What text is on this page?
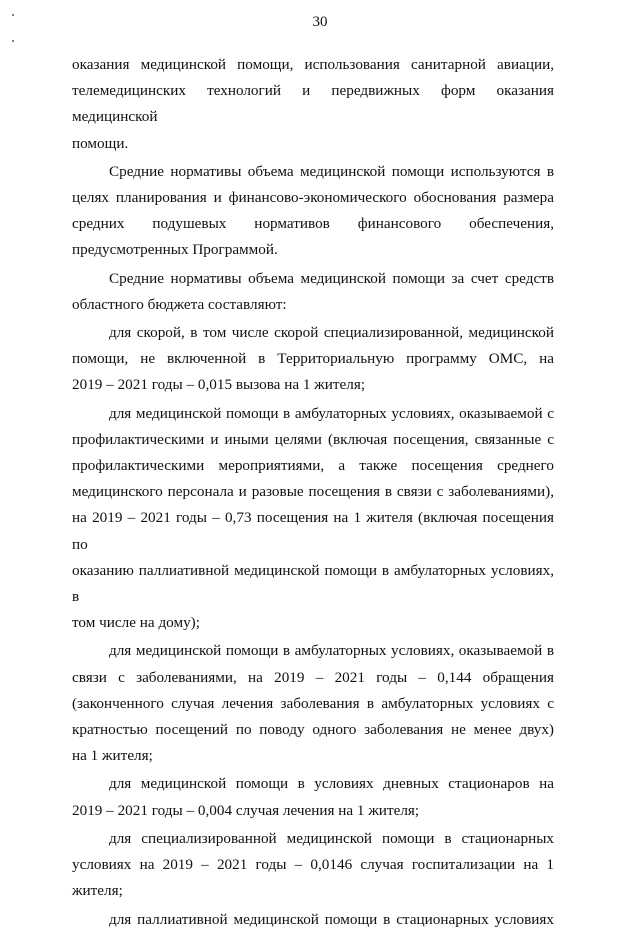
30

оказания медицинской помощи, использования санитарной авиации,
телемедицинских технологий и передвижных форм оказания медицинской
помощи.

Средние нормативы объема медицинской помощи используются в
целях планирования и финансово-экономического обоснования размера
средних подушевых нормативов финансового обеспечения,
предусмотренных Программой.

Средние нормативы объема медицинской помощи за счет средств
областного бюджета составляют:

для скорой, в том числе скорой специализированной, медицинской
помощи, не включенной в Территориальную программу ОМС, на
2019 – 2021 годы – 0,015 вызова на 1 жителя;

для медицинской помощи в амбулаторных условиях, оказываемой с
профилактическими и иными целями (включая посещения, связанные с
профилактическими мероприятиями, а также посещения среднего
медицинского персонала и разовые посещения в связи с заболеваниями),
на 2019 – 2021 годы – 0,73 посещения на 1 жителя (включая посещения по
оказанию паллиативной медицинской помощи в амбулаторных условиях, в
том числе на дому);

для медицинской помощи в амбулаторных условиях, оказываемой в
связи с заболеваниями, на 2019 – 2021 годы – 0,144 обращения
(законченного случая лечения заболевания в амбулаторных условиях с
кратностью посещений по поводу одного заболевания не менее двух)
на 1 жителя;

для медицинской помощи в условиях дневных стационаров на
2019 – 2021 годы – 0,004 случая лечения на 1 жителя;

для специализированной медицинской помощи в стационарных
условиях на 2019 – 2021 годы – 0,0146 случая госпитализации на 1 жителя;

для паллиативной медицинской помощи в стационарных условиях
